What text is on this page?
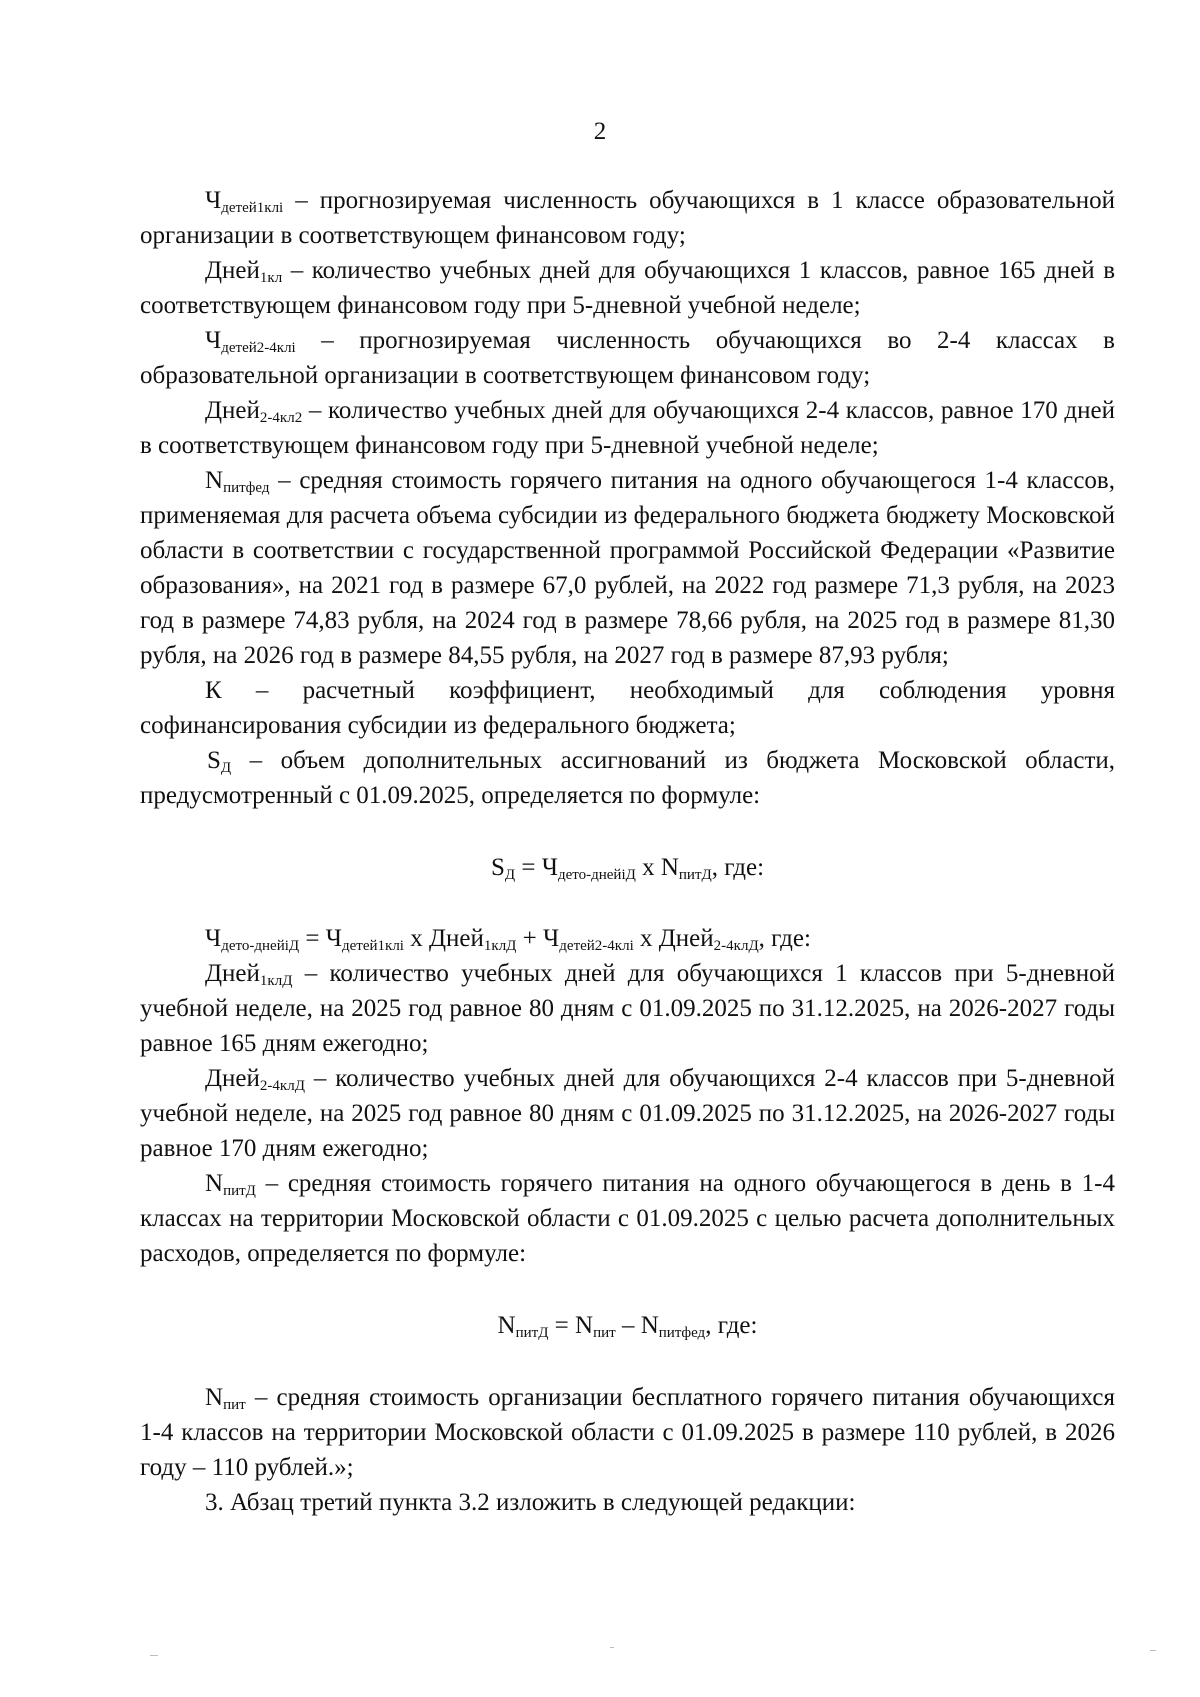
2

$Ч_{детей1клі}$ – прогнозируемая численность обучающихся в 1 классе образовательной организации в соответствующем финансовом году;

Дней$_{1кл}$ – количество учебных дней для обучающихся 1 классов, равное 165 дней в соответствующем финансовом году при 5-дневной учебной неделе;

$Ч_{детей2-4клі}$ – прогнозируемая численность обучающихся во 2-4 классах в образовательной организации в соответствующем финансовом году;

Дней$_{2-4кл2}$ – количество учебных дней для обучающихся 2-4 классов, равное 170 дней в соответствующем финансовом году при 5-дневной учебной неделе;

$N_{питфед}$ – средняя стоимость горячего питания на одного обучающегося 1-4 классов, применяемая для расчета объема субсидии из федерального бюджета бюджету Московской области в соответствии с государственной программой Российской Федерации «Развитие образования», на 2021 год в размере 67,0 рублей, на 2022 год размере 71,3 рубля, на 2023 год в размере 74,83 рубля, на 2024 год в размере 78,66 рубля, на 2025 год в размере 81,30 рубля, на 2026 год в размере 84,55 рубля, на 2027 год в размере 87,93 рубля;

К – расчетный коэффициент, необходимый для соблюдения уровня софинансирования субсидии из федерального бюджета;

$S_Д$ – объем дополнительных ассигнований из бюджета Московской области, предусмотренный с 01.09.2025, определяется по формуле:

$S_Д = Ч_{дето-днейіД}$ x $N_{питД}$, где:

$Ч_{дето-днейіД} = Ч_{детей1клі}$ x Дней$_{1клД}$ + $Ч_{детей2-4клі}$ x Дней$_{2-4клД}$, где:

Дней$_{1клД}$ – количество учебных дней для обучающихся 1 классов при 5-дневной учебной неделе, на 2025 год равное 80 дням с 01.09.2025 по 31.12.2025, на 2026-2027 годы равное 165 дням ежегодно;

Дней$_{2-4клД}$ – количество учебных дней для обучающихся 2-4 классов при 5-дневной учебной неделе, на 2025 год равное 80 дням с 01.09.2025 по 31.12.2025, на 2026-2027 годы равное 170 дням ежегодно;

$N_{питД}$ – средняя стоимость горячего питания на одного обучающегося в день в 1-4 классах на территории Московской области с 01.09.2025 с целью расчета дополнительных расходов, определяется по формуле:

$N_{питД} = N_{пит} - N_{питфед}$, где:

$N_{пит}$ – средняя стоимость организации бесплатного горячего питания обучающихся 1-4 классов на территории Московской области с 01.09.2025 в размере 110 рублей, в 2026 году – 110 рублей.»;

3. Абзац третий пункта 3.2 изложить в следующей редакции:
